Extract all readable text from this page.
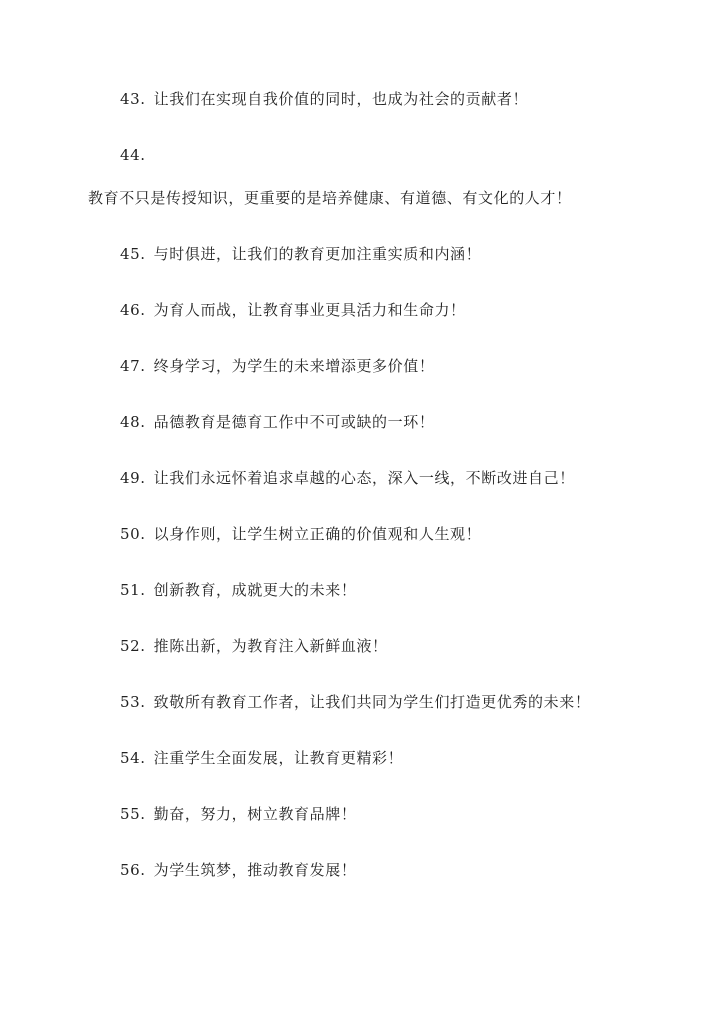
43. 让我们在实现自我价值的同时，也成为社会的贡献者！
44.
教育不只是传授知识，更重要的是培养健康、有道德、有文化的人才！
45. 与时俱进，让我们的教育更加注重实质和内涵！
46. 为育人而战，让教育事业更具活力和生命力！
47. 终身学习，为学生的未来增添更多价值！
48. 品德教育是德育工作中不可或缺的一环！
49. 让我们永远怀着追求卓越的心态，深入一线，不断改进自己！
50. 以身作则，让学生树立正确的价值观和人生观！
51. 创新教育，成就更大的未来！
52. 推陈出新，为教育注入新鲜血液！
53. 致敬所有教育工作者，让我们共同为学生们打造更优秀的未来！
54. 注重学生全面发展，让教育更精彩！
55. 勤奋，努力，树立教育品牌！
56. 为学生筑梦，推动教育发展！
